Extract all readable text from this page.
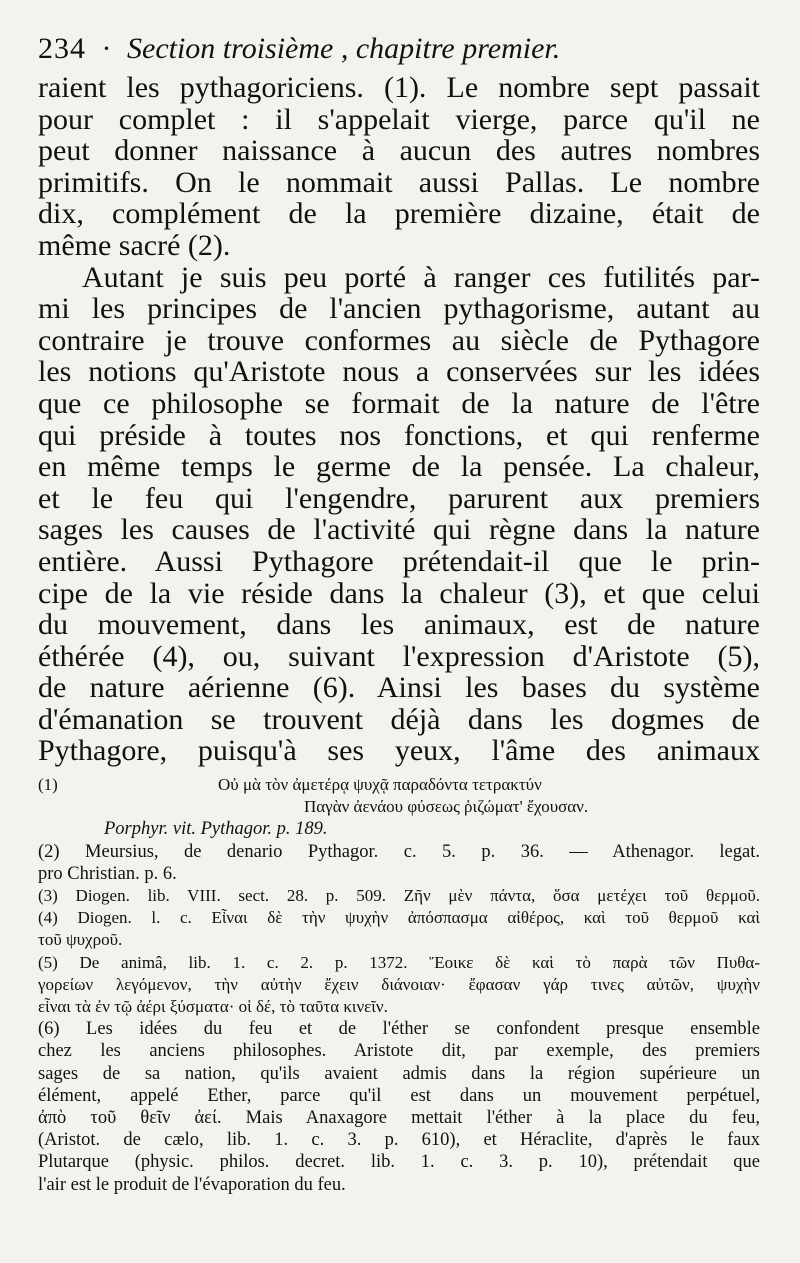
234 · Section troisième , chapitre premier.
raient les pythagoriciens. (1). Le nombre sept passait
pour complet : il s'appelait vierge, parce qu'il ne
peut donner naissance à aucun des autres nombres
primitifs. On le nommait aussi Pallas. Le nombre
dix, complément de la première dizaine, était de
même sacré (2).
Autant je suis peu porté à ranger ces futilités par-
mi les principes de l'ancien pythagorisme, autant au
contraire je trouve conformes au siècle de Pythagore
les notions qu'Aristote nous a conservées sur les idées
que ce philosophe se formait de la nature de l'être
qui préside à toutes nos fonctions, et qui renferme
en même temps le germe de la pensée. La chaleur,
et le feu qui l'engendre, parurent aux premiers
sages les causes de l'activité qui règne dans la nature
entière. Aussi Pythagore prétendait-il que le prin-
cipe de la vie réside dans la chaleur (3), et que celui
du mouvement, dans les animaux, est de nature
éthérée (4), ou, suivant l'expression d'Aristote (5),
de nature aérienne (6). Ainsi les bases du système
d'émanation se trouvent déjà dans les dogmes de
Pythagore, puisqu'à ses yeux, l'âme des animaux
(1)	Οὐ μὰ τὸν ἀμετέρᾳ ψυχᾷ παραδόντα τετρακτύν
Παγὰν ἀενάου φύσεως ῥιζώματ' ἔχουσαν.
Porphyr. vit. Pythagor. p. 189.
(2) Meursius, de denario Pythagor. c. 5. p. 36. — Athenagor. legat.
pro Christian. p. 6.
(3) Diogen. lib. VIII. sect. 28. p. 509. Ζῆν μὲν πάντα, ὅσα μετέχει τοῦ θερμοῦ.
(4) Diogen. l. c. Εἶναι δὲ τὴν ψυχὴν ἀπόσπασμα αἰθέρος, καὶ τοῦ θερμοῦ καὶ
τοῦ ψυχροῦ.
(5) De animâ, lib. 1. c. 2. p. 1372. Ἔοικε δὲ καὶ τὸ παρὰ τῶν Πυθα-
γορείων λεγόμενον, τὴν αὐτὴν ἔχειν διάνοιαν· ἔφασαν γάρ τινες αὐτῶν, ψυχὴν
εἶναι τὰ ἐν τῷ ἀέρι ξύσματα· οἱ δέ, τὸ ταῦτα κινεῖν.
(6) Les idées du feu et de l'éther se confondent presque ensemble
chez les anciens philosophes. Aristote dit, par exemple, des premiers
sages de sa nation, qu'ils avaient admis dans la région supérieure un
élément, appelé Ether, parce qu'il est dans un mouvement perpétuel,
ἀπὸ τοῦ θεῖν ἀεί. Mais Anaxagore mettait l'éther à la place du feu,
(Aristot. de cælo, lib. 1. c. 3. p. 610), et Héraclite, d'après le faux
Plutarque (physic. philos. decret. lib. 1. c. 3. p. 10), prétendait que
l'air est le produit de l'évaporation du feu.
